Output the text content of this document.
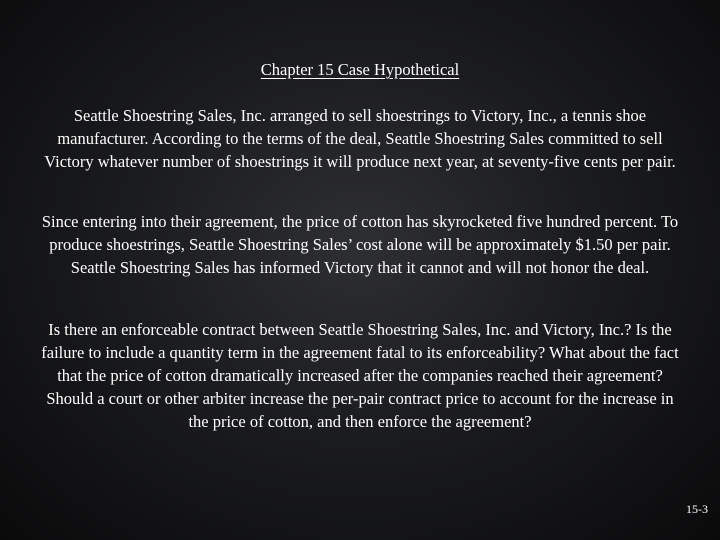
Chapter 15 Case Hypothetical

Seattle Shoestring Sales, Inc. arranged to sell shoestrings to Victory, Inc., a tennis shoe manufacturer. According to the terms of the deal, Seattle Shoestring Sales committed to sell Victory whatever number of shoestrings it will produce next year, at seventy-five cents per pair.

Since entering into their agreement, the price of cotton has skyrocketed five hundred percent. To produce shoestrings, Seattle Shoestring Sales’ cost alone will be approximately $1.50 per pair. Seattle Shoestring Sales has informed Victory that it cannot and will not honor the deal.

Is there an enforceable contract between Seattle Shoestring Sales, Inc. and Victory, Inc.? Is the failure to include a quantity term in the agreement fatal to its enforceability? What about the fact that the price of cotton dramatically increased after the companies reached their agreement? Should a court or other arbiter increase the per-pair contract price to account for the increase in the price of cotton, and then enforce the agreement?

15-3
